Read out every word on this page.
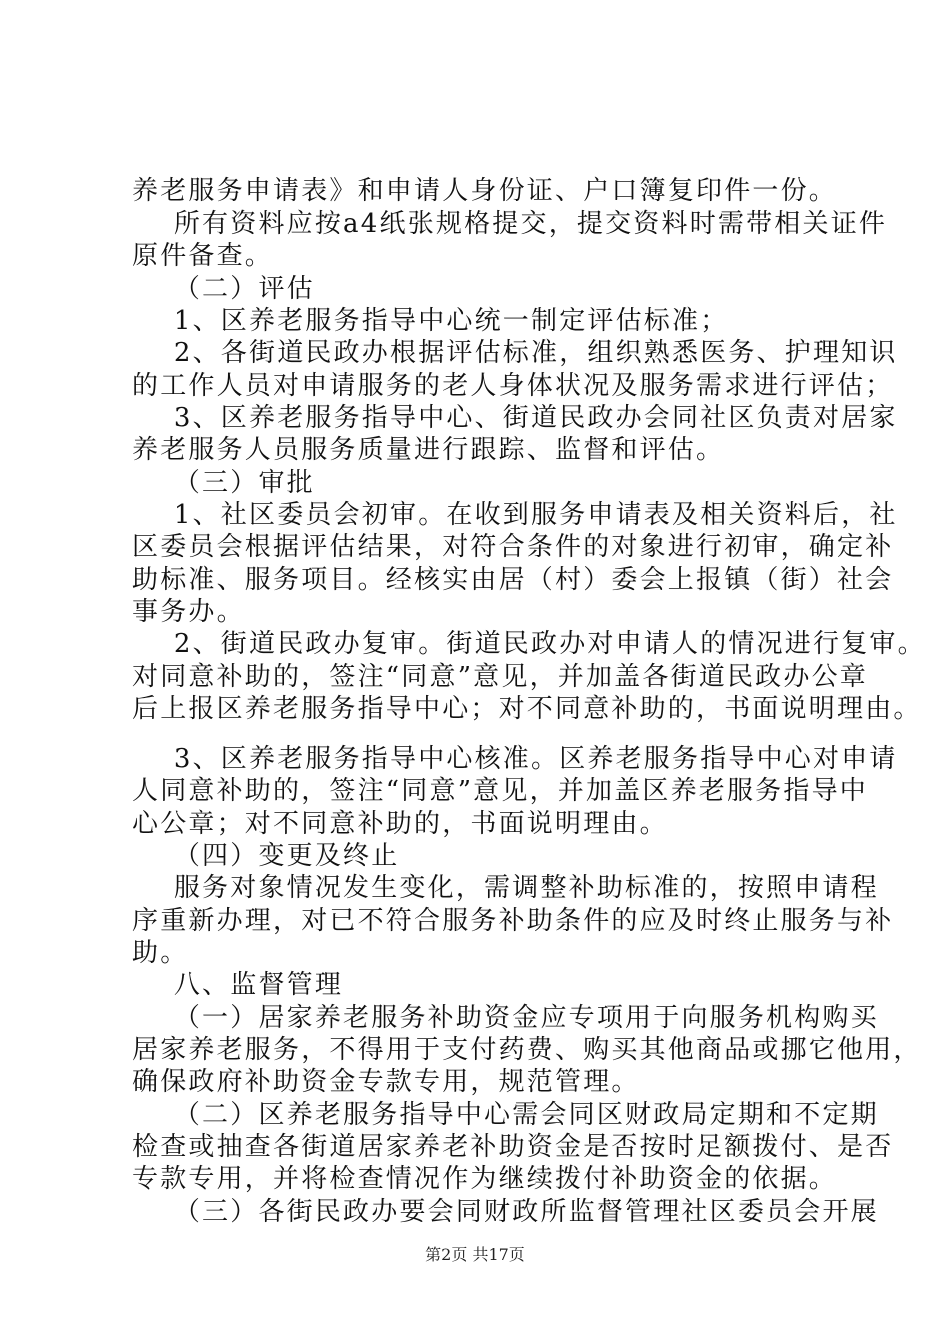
养老服务申请表》和申请人身份证、户口簿复印件一份。
所有资料应按a4纸张规格提交，提交资料时需带相关证件
原件备查。
（二）评估
1、区养老服务指导中心统一制定评估标准；
2、各街道民政办根据评估标准，组织熟悉医务、护理知识
的工作人员对申请服务的老人身体状况及服务需求进行评估；
3、区养老服务指导中心、街道民政办会同社区负责对居家
养老服务人员服务质量进行跟踪、监督和评估。
（三）审批
1、社区委员会初审。在收到服务申请表及相关资料后，社
区委员会根据评估结果，对符合条件的对象进行初审，确定补
助标准、服务项目。经核实由居（村）委会上报镇（街）社会
事务办。
2、街道民政办复审。街道民政办对申请人的情况进行复审。
对同意补助的，签注“同意”意见，并加盖各街道民政办公章
后上报区养老服务指导中心；对不同意补助的，书面说明理由。
3、区养老服务指导中心核准。区养老服务指导中心对申请
人同意补助的，签注“同意”意见，并加盖区养老服务指导中
心公章；对不同意补助的，书面说明理由。
（四）变更及终止
服务对象情况发生变化，需调整补助标准的，按照申请程
序重新办理，对已不符合服务补助条件的应及时终止服务与补
助。
八、监督管理
（一）居家养老服务补助资金应专项用于向服务机构购买
居家养老服务，不得用于支付药费、购买其他商品或挪它他用，
确保政府补助资金专款专用，规范管理。
（二）区养老服务指导中心需会同区财政局定期和不定期
检查或抽查各街道居家养老补助资金是否按时足额拨付、是否
专款专用，并将检查情况作为继续拨付补助资金的依据。
（三）各街民政办要会同财政所监督管理社区委员会开展
第2页 共17页
